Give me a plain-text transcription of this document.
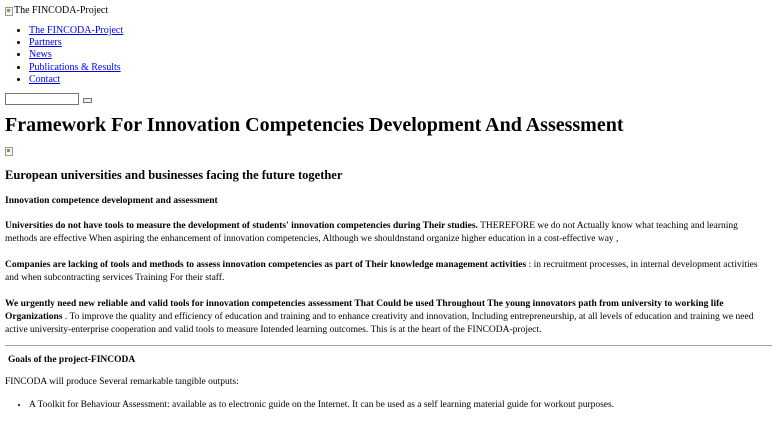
The FINCODA-Project
• The FINCODA-Project
• Partners
• News
• Publications & Results
• Contact
Framework For Innovation Competencies Development And Assessment
European universities and businesses facing the future together
Innovation competence development and assessment

Universities do not have tools to measure the development of students' innovation competencies during Their studies. THEREFORE we do not Actually know what teaching and learning methods are effective When aspiring the enhancement of innovation competencies, Although we shouldnstand organize higher education in a cost-effective way ,

Companies are lacking of tools and methods to assess innovation competencies as part of Their knowledge management activities : in recruitment processes, in internal development activities and when subcontracting services Training For their staff.

We urgently need new reliable and valid tools for innovation competencies assessment That Could be used Throughout The young innovators path from university to working life Organizations . To improve the quality and efficiency of education and training and to enhance creativity and innovation, Including entrepreneurship, at all levels of education and training we need active university-enterprise cooperation and valid tools to measure Intended learning outcomes. This is at the heart of the FINCODA-project.

Goals of the project-FINCODA

FINCODA will produce Several remarkable tangible outputs:

• A Toolkit for Behaviour Assessment: available as to electronic guide on the Internet. It can be used as a self learning material guide for workout purposes.
